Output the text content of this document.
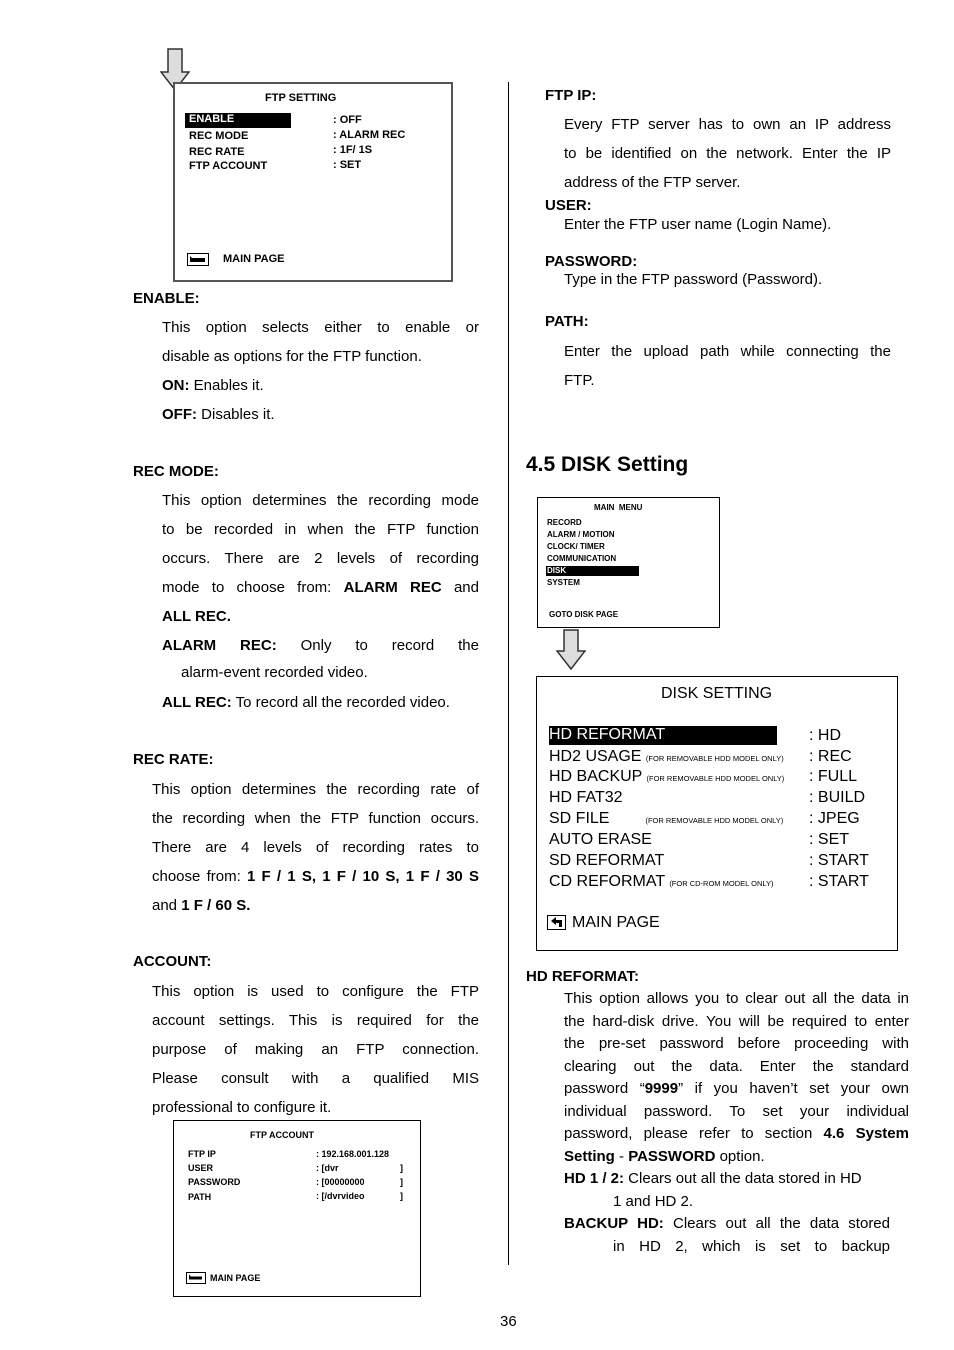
FTP SETTING
ENABLE	: OFF
REC MODE	: ALARM REC
REC RATE	: 1F/ 1S
FTP ACCOUNT	: SET
MAIN PAGE
ENABLE:
This option selects either to enable or
disable as options for the FTP function.
ON: Enables it.
OFF: Disables it.
REC MODE:
This option determines the recording mode
to be recorded in when the FTP function
occurs. There are 2 levels of recording
mode to choose from: ALARM REC and
ALL REC.
ALARM REC: Only to record the
alarm-event recorded video.
ALL REC: To record all the recorded video.
REC RATE:
This option determines the recording rate of
the recording when the FTP function occurs.
There are 4 levels of recording rates to
choose from: 1 F / 1 S, 1 F / 10 S, 1 F / 30 S
and 1 F / 60 S.
ACCOUNT:
This option is used to configure the FTP
account settings. This is required for the
purpose of making an FTP connection.
Please consult with a qualified MIS
professional to configure it.
FTP ACCOUNT
FTP IP	: 192.168.001.128
USER	: [dvr	]
PASSWORD	: [00000000	]
PATH	: [/dvrvideo	]
MAIN PAGE
FTP IP:
Every FTP server has to own an IP address
to be identified on the network. Enter the IP
address of the FTP server.
USER:
Enter the FTP user name (Login Name).
PASSWORD:
Type in the FTP password (Password).
PATH:
Enter the upload path while connecting the
FTP.
4.5 DISK Setting
MAIN  MENU
RECORD
ALARM / MOTION
CLOCK/ TIMER
COMMUNICATION
DISK
SYSTEM
GOTO DISK PAGE
DISK SETTING
HD REFORMAT	: HD
HD2 USAGE (FOR REMOVABLE HDD MODEL ONLY) : REC
HD BACKUP (FOR REMOVABLE HDD MODEL ONLY) : FULL
HD FAT32	: BUILD
SD FILE	(FOR REMOVABLE HDD MODEL ONLY) : JPEG
AUTO ERASE	: SET
SD REFORMAT	: START
CD REFORMAT (FOR CD-ROM MODEL ONLY) : START
MAIN PAGE
HD REFORMAT:
This option allows you to clear out all the data in
the hard-disk drive. You will be required to enter
the pre-set password before proceeding with
clearing out the data. Enter the standard
password “9999” if you haven’t set your own
individual password. To set your individual
password, please refer to section 4.6 System
Setting - PASSWORD option.
HD 1 / 2: Clears out all the data stored in HD
1 and HD 2.
BACKUP HD: Clears out all the data stored
in HD 2, which is set to backup
36
